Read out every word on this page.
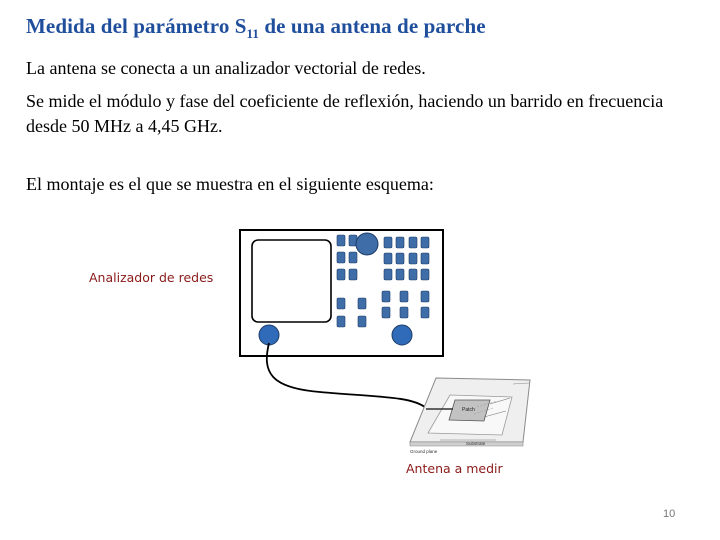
Medida del parámetro $S_{11}$ de una antena de parche
La antena se conecta a un analizador vectorial de redes.
Se mide el módulo y fase del coeficiente de reflexión, haciendo un barrido en frecuencia desde 50 MHz a 4,45 GHz.
El montaje es el que se muestra en el siguiente esquema:
Patch
Substrate
Ground plane
Analizador de redes
Antena a medir
10
